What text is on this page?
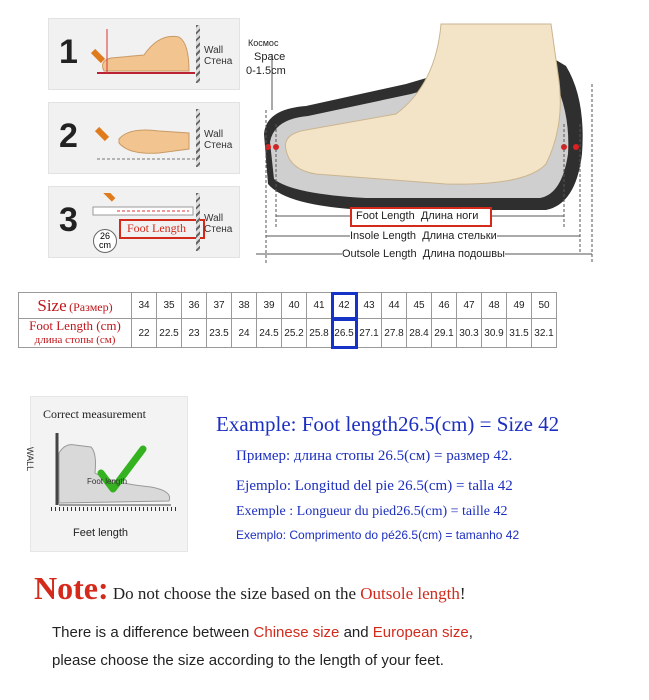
1	Wall
Стена
2	Wall
Стена
3	Foot Length
26
cm
Wall
Стена
Космос
Space
0-1.5cm
Foot Length Длина ноги
Insole Length Длина стельки
Outsole Length Длина подошвы
Size (Размер)	34	35	36	37	38	39	40	41	42	43	44	45	46	47	48	49	50
Foot Length (cm)
длина стопы (см)	22	22.5	23	23.5	24	24.5	25.2	25.8	26.5	27.1	27.8	28.4	29.1	30.3	30.9	31.5	32.1
Correct measurement
WALL
Foot length
Feet length
Example: Foot length26.5(cm) = Size 42
Пример: длина стопы 26.5(см) = размер 42.
Ejemplo: Longitud del pie 26.5(cm) = talla 42
Exemple : Longueur du pied26.5(cm) = taille 42
Exemplo: Comprimento do pé26.5(cm) = tamanho 42
Note: Do not choose the size based on the Outsole length!
There is a difference between Chinese size and European size,
please choose the size according to the length of your feet.
